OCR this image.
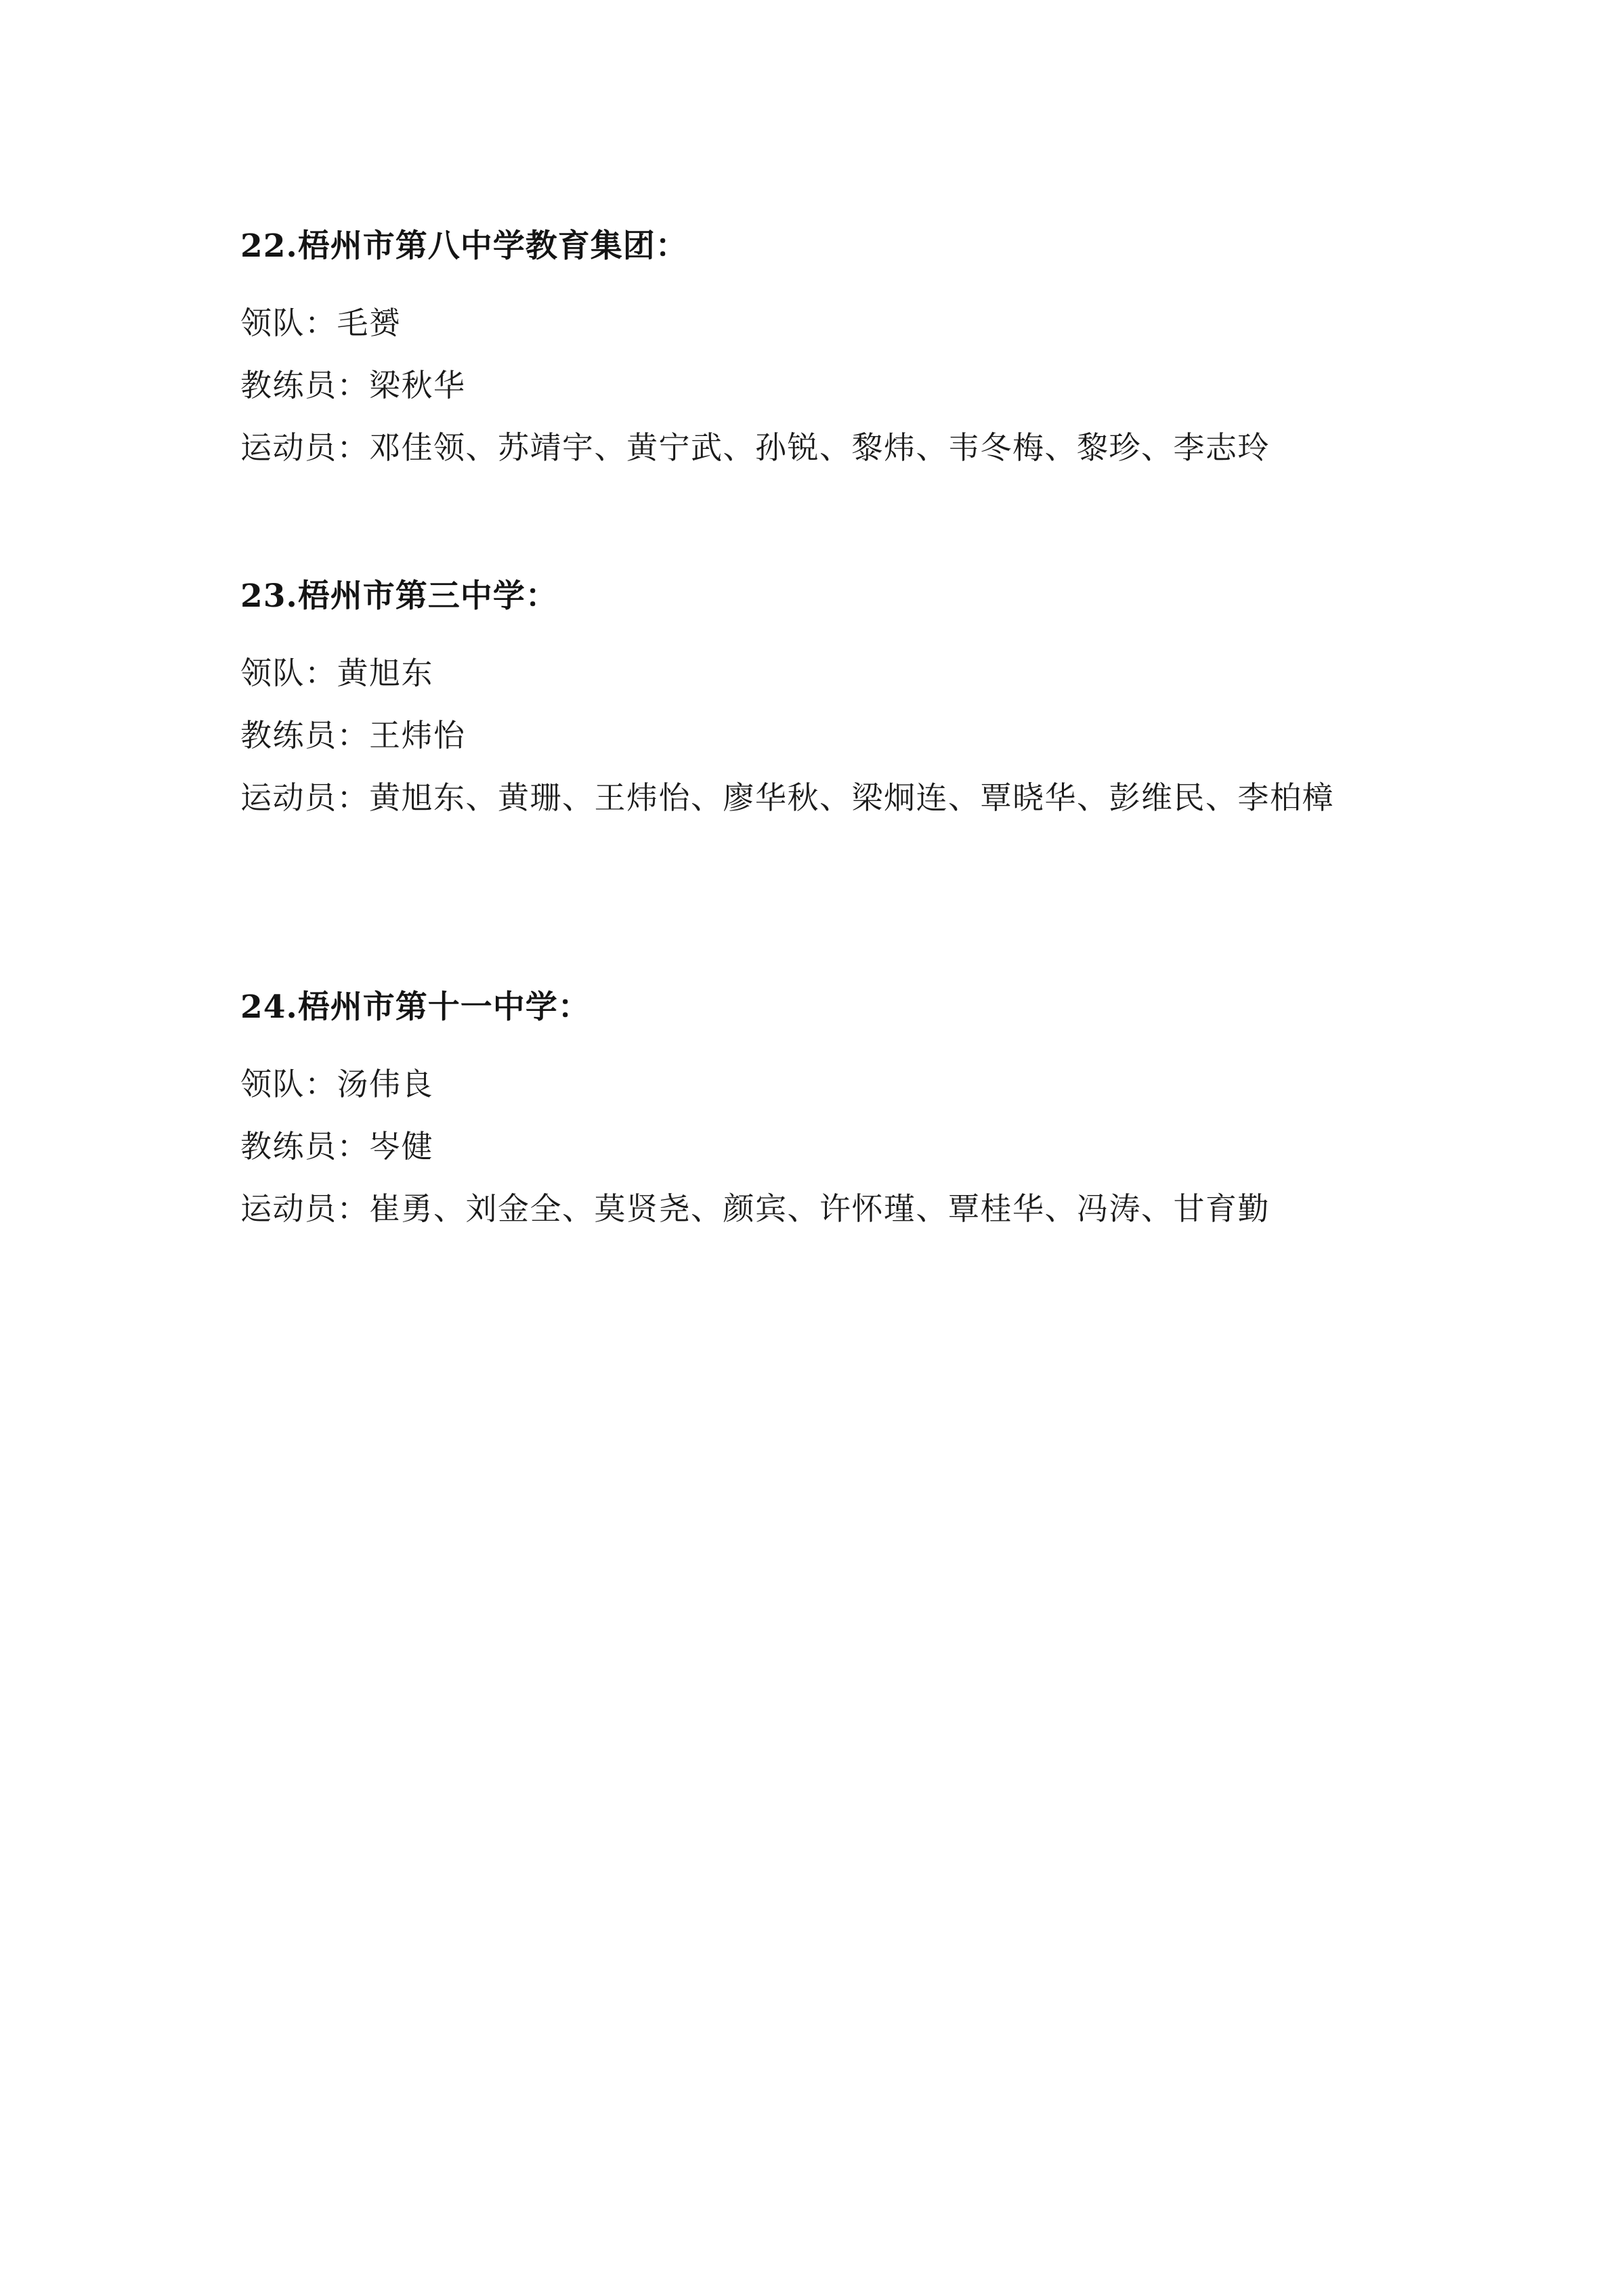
22.梧州市第八中学教育集团：

领队：毛赟

教练员：梁秋华

运动员：邓佳领、苏靖宇、黄宁武、孙锐、黎炜、韦冬梅、黎珍、李志玲

23.梧州市第三中学：

领队：黄旭东

教练员：王炜怡

运动员：黄旭东、黄珊、王炜怡、廖华秋、梁炯连、覃晓华、彭维民、李柏樟

24.梧州市第十一中学：

领队：汤伟良

教练员：岑健

运动员：崔勇、刘金全、莫贤尧、颜宾、许怀瑾、覃桂华、冯涛、甘育勤
